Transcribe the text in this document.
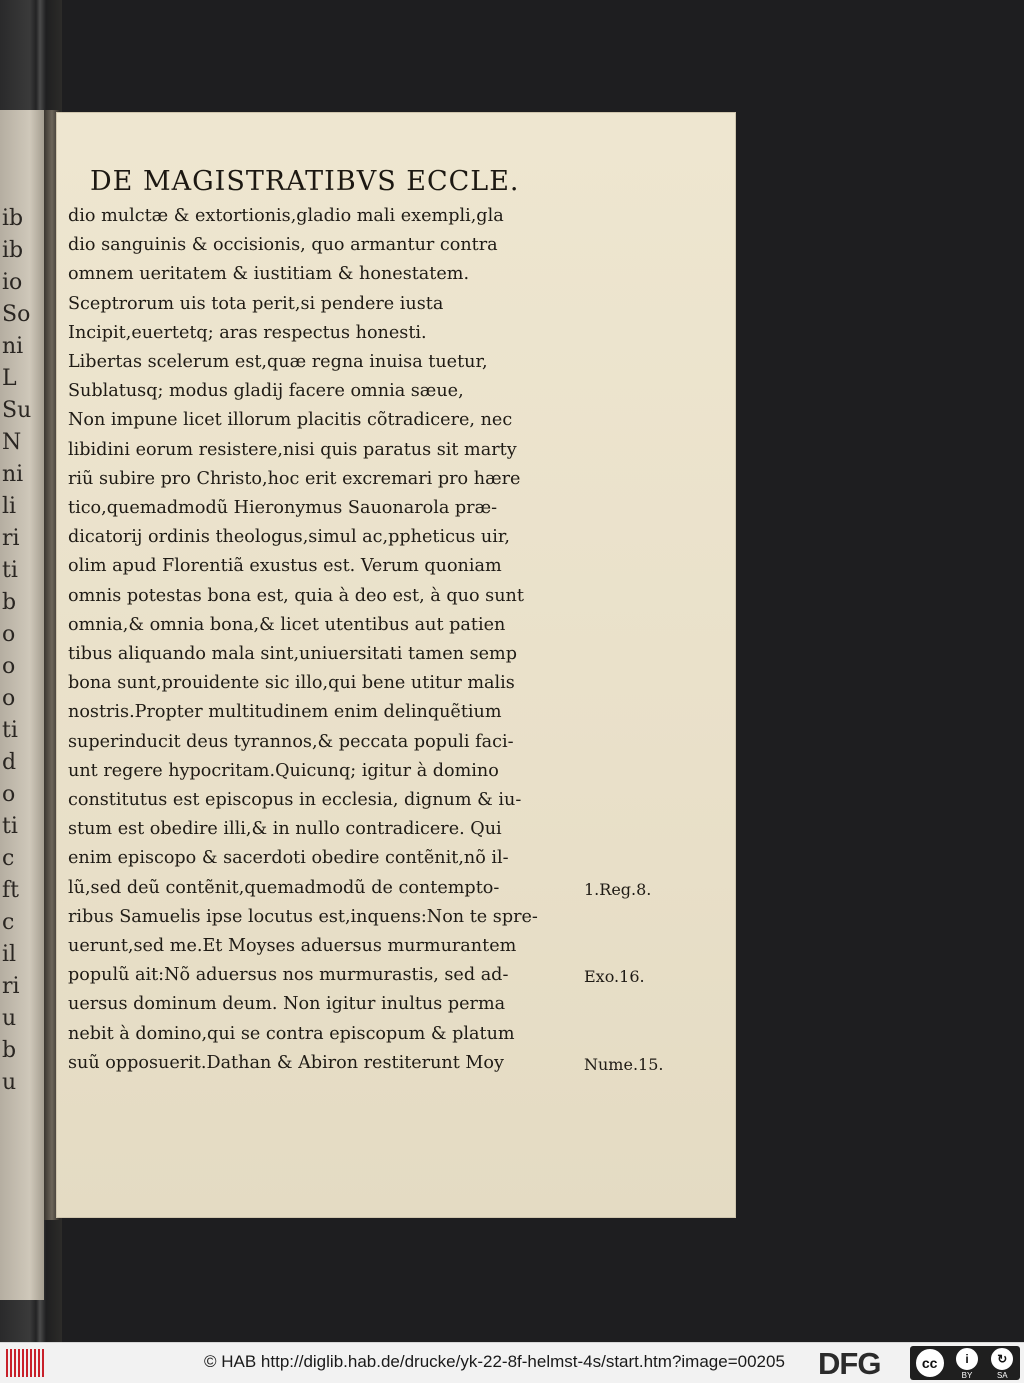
ib
ib
io
So
ni
L
Su
N
ni
li
ri
ti
b
o
o
o
ti
d
o
ti
c
ft
c
il
ri
u
b
u
DE MAGISTRATIBVS ECCLE.
dio mulctæ & extortionis,gladio mali exempli,gla
dio sanguinis & occisionis, quo armantur contra
omnem ueritatem & iustitiam & honestatem.
Sceptrorum uis tota perit,si pendere iusta
Incipit,euertetq; aras respectus honesti.
Libertas scelerum est,quæ regna inuisa tuetur,
Sublatusq; modus gladij facere omnia sæue,
Non impune licet illorum placitis cõtradicere, nec
libidini eorum resistere,nisi quis paratus sit marty
riũ subire pro Christo,hoc erit excremari pro hære
tico,quemadmodũ Hieronymus Sauonarola præ-
dicatorij ordinis theologus,simul ac,ppheticus uir,
olim apud Florentiã exustus est. Verum quoniam
omnis potestas bona est, quia à deo est, à quo sunt
omnia,& omnia bona,& licet utentibus aut patien
tibus aliquando mala sint,uniuersitati tamen semp
bona sunt,prouidente sic illo,qui bene utitur malis
nostris.Propter multitudinem enim delinquẽtium
superinducit deus tyrannos,& peccata populi faci-
unt regere hypocritam.Quicunq; igitur à domino
constitutus est episcopus in ecclesia, dignum & iu-
stum est obedire illi,& in nullo contradicere. Qui
enim episcopo & sacerdoti obedire contẽnit,nõ il-
lũ,sed deũ contẽnit,quemadmodũ de contempto-
ribus Samuelis ipse locutus est,inquens:Non te spre-
uerunt,sed me.Et Moyses aduersus murmurantem
populũ ait:Nõ aduersus nos murmurastis, sed ad-
uersus dominum deum. Non igitur inultus perma
nebit à domino,qui se contra episcopum & platum
suũ opposuerit.Dathan & Abiron restiterunt Moy
1.Reg.8.
Exo.16.
Nume.15.
© HAB http://diglib.hab.de/drucke/yk-22-8f-helmst-4s/start.htm?image=00205 DFG	cc	i
BY
↻
SA
